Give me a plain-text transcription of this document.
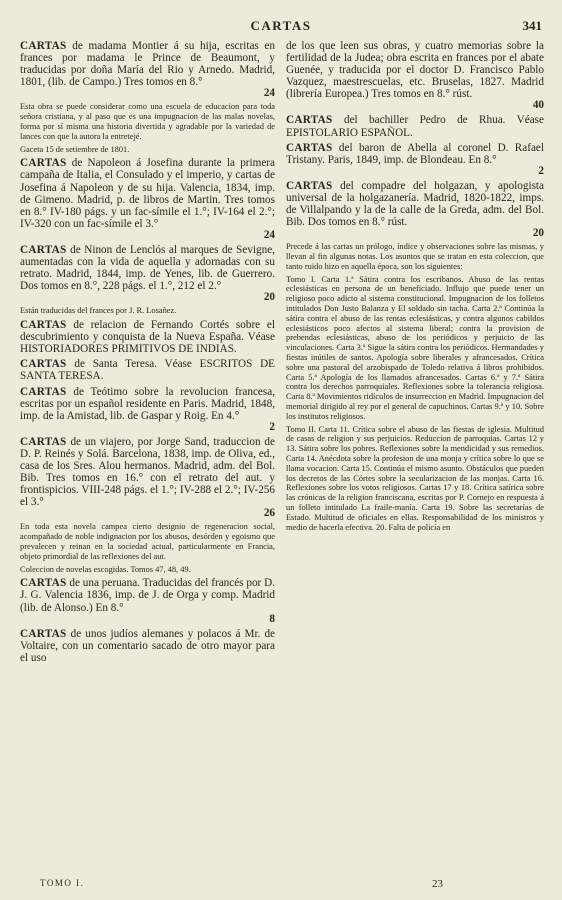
CARTAS	341

CARTAS de madama Montier á su hija, escritas en frances por madama le Prince de Beaumont, y traducidas por doña María del Rio y Arnedo. Madrid, 1801, (lib. de Campo.) Tres tomos en 8.°
24

Esta obra se puede considerar como una escuela de educacion para toda señora cristiana, y al paso que es una impugnacion de las malas novelas, forma por sí misma una historia divertida y agradable por la variedad de lances con que la autora la entretejé.

Gaceta 15 de setiembre de 1801.

CARTAS de Napoleon á Josefina durante la primera campaña de Italia, el Consulado y el imperio, y cartas de Josefina á Napoleon y de su hija. Valencia, 1834, imp. de Gimeno. Madrid, p. de libros de Martin. Tres tomos en 8.° IV-180 págs. y un fac-símile el 1.°; IV-164 el 2.°; IV-320 con un fac-símile el 3.°
24

CARTAS de Ninon de Lenclós al marques de Sevigne, aumentadas con la vida de aquella y adornadas con su retrato. Madrid, 1844, imp. de Yenes, lib. de Guerrero. Dos tomos en 8.°, 228 págs. el 1.°, 212 el 2.°
20

Están traducidas del frances por J. R. Losañez.

CARTAS de relacion de Fernando Cortés sobre el descubrimiento y conquista de la Nueva España. Véase HISTORIADORES PRIMITIVOS DE INDIAS.

CARTAS de Santa Teresa. Véase ESCRITOS DE SANTA TERESA.

CARTAS de Teótimo sobre la revolucion francesa, escritas por un español residente en Paris. Madrid, 1848, imp. de la Amistad, lib. de Gaspar y Roig. En 4.°
2

CARTAS de un viajero, por Jorge Sand, traduccion de D. P. Reinés y Solá. Barcelona, 1838, imp. de Oliva, ed., casa de los Sres. Alou hermanos. Madrid, adm. del Bol. Bib. Tres tomos en 16.° con el retrato del aut. y frontispicios. VIII-248 págs. el 1.°; IV-288 el 2.°; IV-256 el 3.°
26

En toda esta novela campea cierto designio de regeneracion social, acompañado de noble indignacion por los abusos, desórden y egoismo que prevalecen y reinan en la sociedad actual, particularmente en Francia, objeto primordial de las reflexiones del aut.

Coleccion de novelas escogidas. Tomos 47, 48, 49.

CARTAS de una peruana. Traducidas del francés por D. J. G. Valencia 1836, imp. de J. de Orga y comp. Madrid (lib. de Alonso.) En 8.°
8

CARTAS de unos judíos alemanes y polacos á Mr. de Voltaire, con un comentario sacado de otro mayor para el uso

de los que leen sus obras, y cuatro memorias sobre la fertilidad de la Judea; obra escrita en frances por el abate Guenée, y traducida por el doctor D. Francisco Pablo Vazquez, maestrescuelas, etc. Bruselas, 1827. Madrid (librería Europea.) Tres tomos en 8.° rúst.
40

CARTAS del bachiller Pedro de Rhua. Véase EPISTOLARIO ESPAÑOL.

CARTAS del baron de Abella al coronel D. Rafael Tristany. Paris, 1849, imp. de Blondeau. En 8.°
2

CARTAS del compadre del holgazan, y apologista universal de la holgazanería. Madrid, 1820-1822, imps. de Villalpando y la de la calle de la Greda, adm. del Bol. Bib. Dos tomos en 8.° rúst.
20

Precede á las cartas un prólogo, índice y observaciones sobre las mismas, y llevan al fin algunas notas. Los asuntos que se tratan en esta coleccion, que tanto ruido hizo en aquella época, son los siguientes:

Tomo I. Carta 1.ª Sátira contra los escribanos. Abuso de las rentas eclesiásticas en persona de un beneficiado. Influjo que puede tener un religioso poco adicto al sistema constitucional. Impugnacion de los folletos intitulados Don Justo Balanza y El soldado sin tacha. Carta 2.ª Continúa la sátira contra el abuso de las rentas eclesiásticas, y contra algunos cabildos eclesiásticos poco afectos al sistema liberal; contra la provision de prebendas eclesiásticas, abuso de los periódicos y perjuicio de las vinculaciones. Carta 3.ª Sigue la sátira contra los periódicos. Hermandades y fiestas inútiles de santos. Apología sobre liberales y afrancesados. Crítica sobre una pastoral del arzobispado de Toledo relativa á libros prohibidos. Carta 5.ª Apología de los llamados afrancesados. Cartas 6.ª y 7.ª Sátira contra los derechos parroquiales. Reflexiones sobre la tolerancia religiosa. Carta 8.ª Movimientos ridículos de insurreccion en Madrid. Impugnacion del memorial dirigido al rey por el general de capuchinos. Cartas 9.ª y 10. Sobre los institutos religiosos.

Tomo II. Carta 11. Crítica sobre el abuso de las fiestas de iglesia. Multitud de casas de religion y sus perjuicios. Reduccion de parroquias. Cartas 12 y 13. Sátira sobre los pobres. Reflexiones sobre la mendicidad y sus remedios. Carta 14. Anécdota sobre la profesion de una monja y crítica sobre lo que se llama vocacion. Carta 15. Continúa el mismo asunto. Obstáculos que pueden los decretos de las Córtes sobre la secularizacion de las monjas. Carta 16. Reflexiones sobre los votos religiosos. Cartas 17 y 18. Crítica satírica sobre las crónicas de la religion franciscana, escritas por P. Cornejo en respuesta á un folleto intitulado La fraile-manía. Carta 19. Sobre las secretarías de Estado. Multitud de oficiales en ellas. Responsabilidad de los ministros y medio de hacerla efectiva. 20. Falta de policía en

TOMO I.	23
